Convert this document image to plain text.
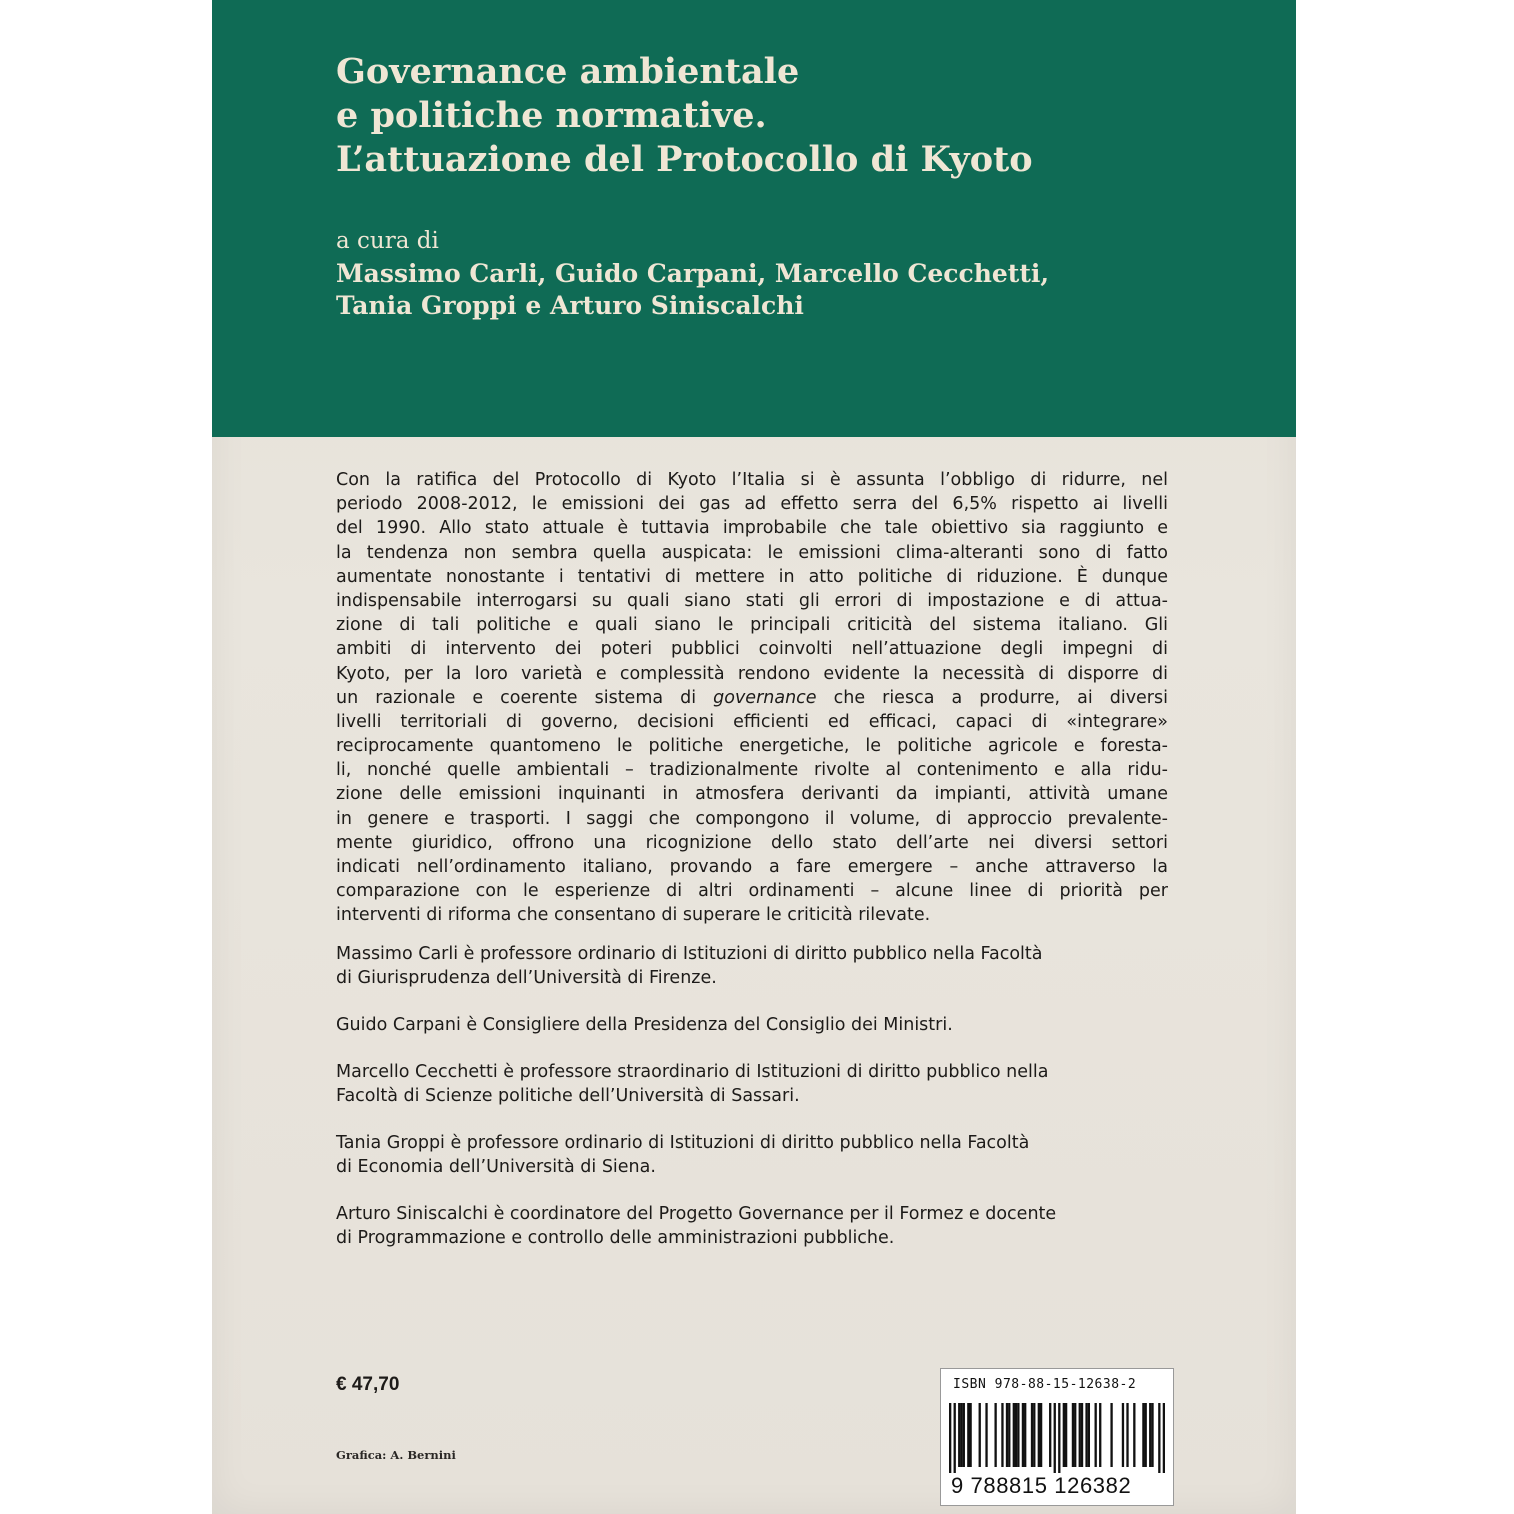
Governance ambientale
e politiche normative.
L’attuazione del Protocollo di Kyoto
a cura di
Massimo Carli, Guido Carpani, Marcello Cecchetti,
Tania Groppi e Arturo Siniscalchi
Con la ratifica del Protocollo di Kyoto l’Italia si è assunta l’obbligo di ridurre, nel
periodo 2008-2012, le emissioni dei gas ad effetto serra del 6,5% rispetto ai livelli
del 1990. Allo stato attuale è tuttavia improbabile che tale obiettivo sia raggiunto e
la tendenza non sembra quella auspicata: le emissioni clima-alteranti sono di fatto
aumentate nonostante i tentativi di mettere in atto politiche di riduzione. È dunque
indispensabile interrogarsi su quali siano stati gli errori di impostazione e di attua-
zione di tali politiche e quali siano le principali criticità del sistema italiano. Gli
ambiti di intervento dei poteri pubblici coinvolti nell’attuazione degli impegni di
Kyoto, per la loro varietà e complessità rendono evidente la necessità di disporre di
un razionale e coerente sistema di governance che riesca a produrre, ai diversi
livelli territoriali di governo, decisioni efficienti ed efficaci, capaci di «integrare»
reciprocamente quantomeno le politiche energetiche, le politiche agricole e foresta-
li, nonché quelle ambientali – tradizionalmente rivolte al contenimento e alla ridu-
zione delle emissioni inquinanti in atmosfera derivanti da impianti, attività umane
in genere e trasporti. I saggi che compongono il volume, di approccio prevalente-
mente giuridico, offrono una ricognizione dello stato dell’arte nei diversi settori
indicati nell’ordinamento italiano, provando a fare emergere – anche attraverso la
comparazione con le esperienze di altri ordinamenti – alcune linee di priorità per
interventi di riforma che consentano di superare le criticità rilevate.
Massimo Carli è professore ordinario di Istituzioni di diritto pubblico nella Facoltà
di Giurisprudenza dell’Università di Firenze.
Guido Carpani è Consigliere della Presidenza del Consiglio dei Ministri.
Marcello Cecchetti è professore straordinario di Istituzioni di diritto pubblico nella
Facoltà di Scienze politiche dell’Università di Sassari.
Tania Groppi è professore ordinario di Istituzioni di diritto pubblico nella Facoltà
di Economia dell’Università di Siena.
Arturo Siniscalchi è coordinatore del Progetto Governance per il Formez e docente
di Programmazione e controllo delle amministrazioni pubbliche.
€ 47,70
Grafica: A. Bernini
ISBN 978-88-15-12638-2
9 788815 126382
